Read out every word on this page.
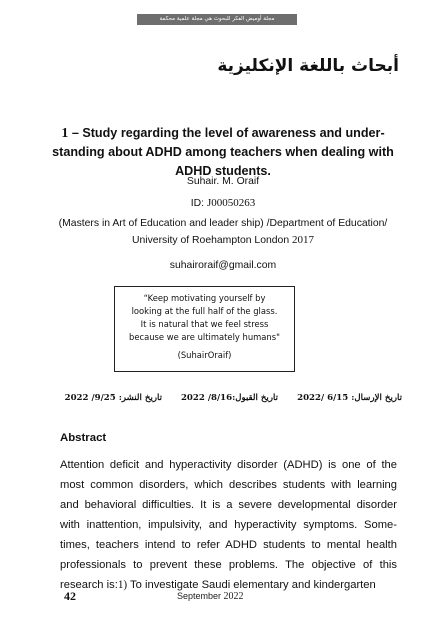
مجلة أوميض الفكر للبحوث هي مجلة علمية محكمة
أبحاث باللغة الإنكليزية
1 – Study regarding the level of awareness and under-standing about ADHD among teachers when dealing with ADHD students.
Suhair. M. Oraif
ID: J00050263
(Masters in Art of Education and leader ship) /Department of Education/
University of Roehampton London 2017
suhairoraif@gmail.com
“Keep motivating yourself by
looking at the full half of the glass.
It is natural that we feel stress
because we are ultimately humans"
(SuhairOraif)
تاريخ الإرسال: 6/15 /2022
تاريخ القبول:8/16/ 2022
تاريخ النشر: 9/25/ 2022
Abstract
Attention deficit and hyperactivity disorder (ADHD) is one of the most common disorders, which describes students with learning and behavioral difficulties. It is a severe developmental disorder with inattention, impulsivity, and hyperactivity symptoms. Some-times, teachers intend to refer ADHD students to mental health professionals to prevent these problems. The objective of this research is:1) To investigate Saudi elementary and kindergarten
42	September 2022
